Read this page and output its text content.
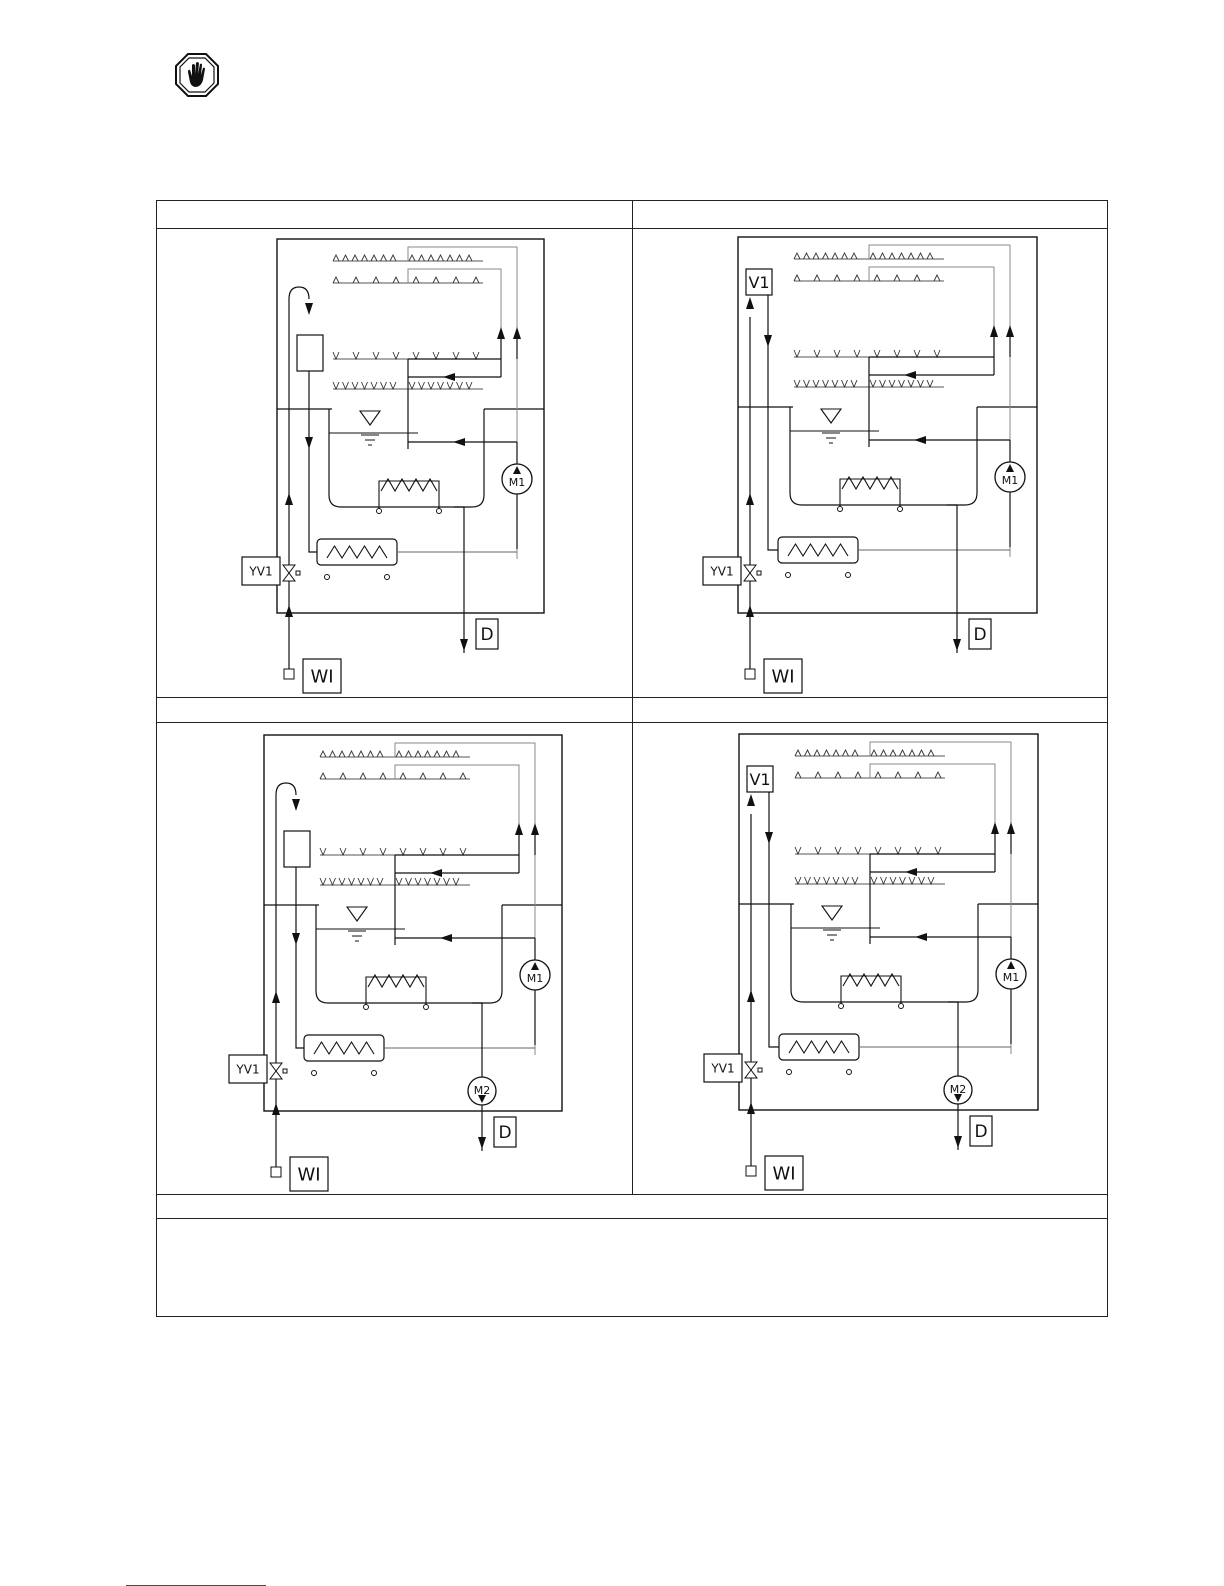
M1
D
WI
YV1
M1
D
WI
YV1
V1
M1
M2
D
WI
YV1
M1
M2
D
WI
YV1
V1
